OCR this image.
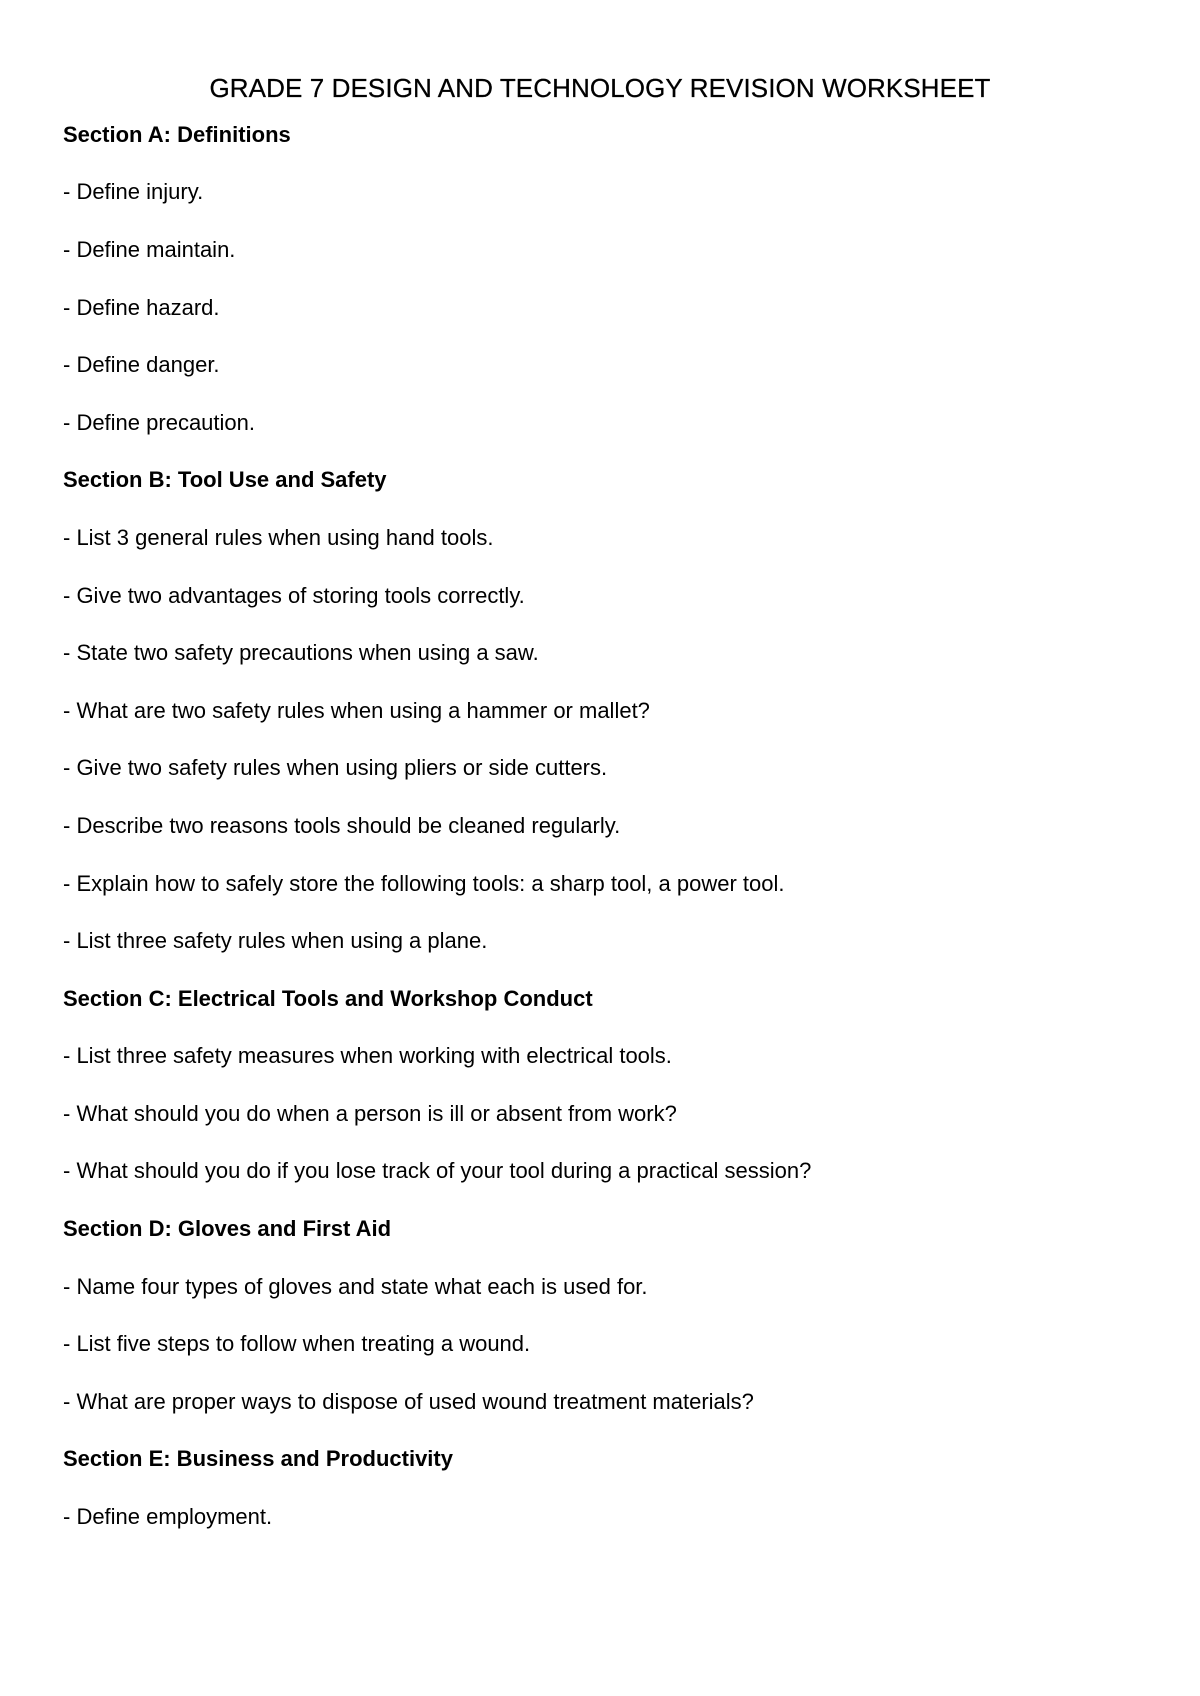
GRADE 7 DESIGN AND TECHNOLOGY REVISION WORKSHEET
Section A: Definitions
- Define injury.
- Define maintain.
- Define hazard.
- Define danger.
- Define precaution.
Section B: Tool Use and Safety
- List 3 general rules when using hand tools.
- Give two advantages of storing tools correctly.
- State two safety precautions when using a saw.
- What are two safety rules when using a hammer or mallet?
- Give two safety rules when using pliers or side cutters.
- Describe two reasons tools should be cleaned regularly.
- Explain how to safely store the following tools: a sharp tool, a power tool.
- List three safety rules when using a plane.
Section C: Electrical Tools and Workshop Conduct
- List three safety measures when working with electrical tools.
- What should you do when a person is ill or absent from work?
- What should you do if you lose track of your tool during a practical session?
Section D: Gloves and First Aid
- Name four types of gloves and state what each is used for.
- List five steps to follow when treating a wound.
- What are proper ways to dispose of used wound treatment materials?
Section E: Business and Productivity
- Define employment.
